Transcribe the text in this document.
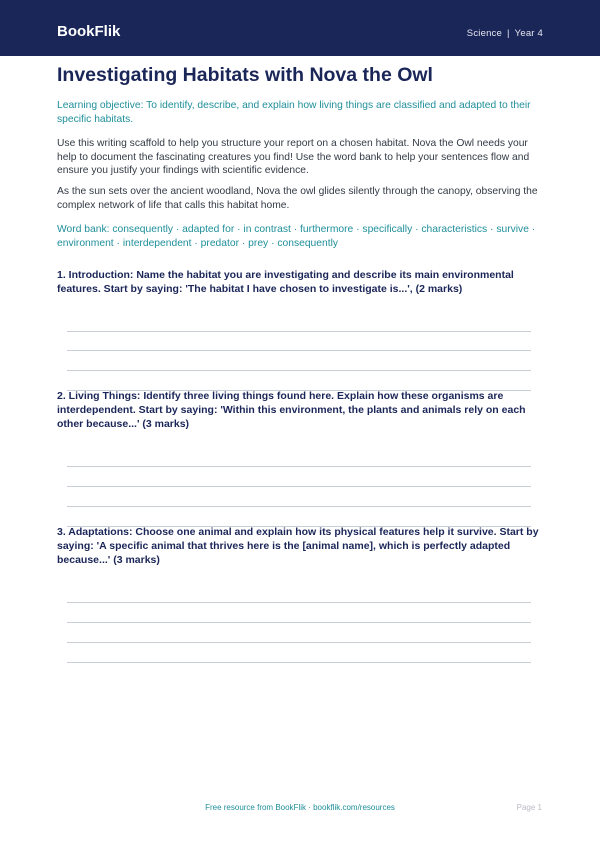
BookFlik	Science | Year 4
Investigating Habitats with Nova the Owl

Learning objective: To identify, describe, and explain how living things are classified and adapted to their specific habitats.

Use this writing scaffold to help you structure your report on a chosen habitat. Nova the Owl needs your help to document the fascinating creatures you find! Use the word bank to help your sentences flow and ensure you justify your findings with scientific evidence.

As the sun sets over the ancient woodland, Nova the owl glides silently through the canopy, observing the complex network of life that calls this habitat home.

Word bank: consequently · adapted for · in contrast · furthermore · specifically · characteristics · survive · environment · interdependent · predator · prey · consequently

1. Introduction: Name the habitat you are investigating and describe its main environmental features. Start by saying: 'The habitat I have chosen to investigate is...', (2 marks)

2. Living Things: Identify three living things found here. Explain how these organisms are interdependent. Start by saying: 'Within this environment, the plants and animals rely on each other because...' (3 marks)

3. Adaptations: Choose one animal and explain how its physical features help it survive. Start by saying: 'A specific animal that thrives here is the [animal name], which is perfectly adapted because...' (3 marks)

Free resource from BookFlik · bookflik.com/resources	Page 1
